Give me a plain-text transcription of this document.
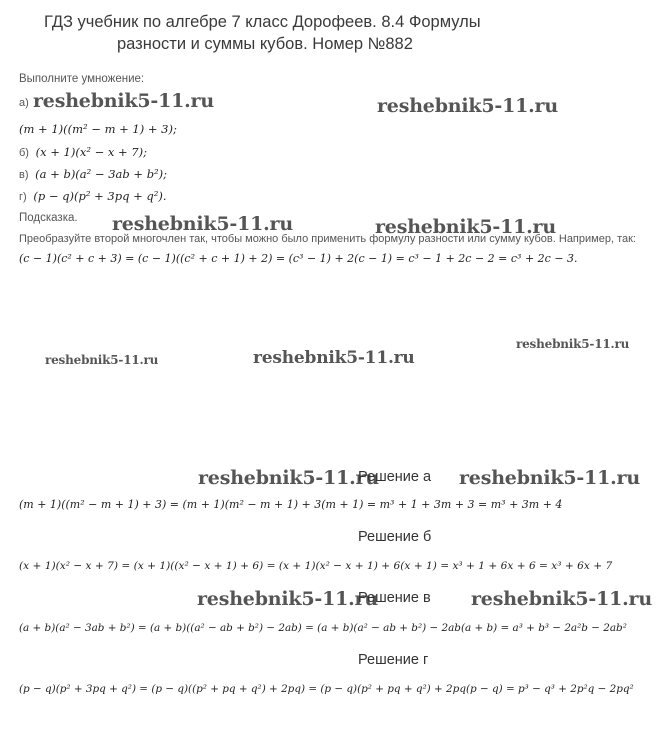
ГДЗ учебник по алгебре 7 класс Дорофеев. 8.4 Формулы
разности и суммы кубов. Номер №882
Выполните умножение:
а) reshebnik5-11.ru	reshebnik5-11.ru
(m + 1)((m² − m + 1) + 3);
б) (x + 1)(x² − x + 7);
в) (a + b)(a² − 3ab + b²);
г) (p − q)(p² + 3pq + q²).
Подсказка. reshebnik5-11.ru	reshebnik5-11.ru
Преобразуйте второй многочлен так, чтобы можно было применить формулу разности или сумму кубов. Например, так:
(c − 1)(c² + c + 3) = (c − 1)((c² + c + 1) + 2) = (c³ − 1) + 2(c − 1) = c³ − 1 + 2c − 2 = c³ + 2c − 3.
reshebnik5-11.ru
reshebnik5-11.ru	reshebnik5-11.ru
reshebnik5-11.ru
Решение а reshebnik5-11.ru
(m + 1)((m² − m + 1) + 3) = (m + 1)(m² − m + 1) + 3(m + 1) = m³ + 1 + 3m + 3 = m³ + 3m + 4
Решение б
(x + 1)(x² − x + 7) = (x + 1)((x² − x + 1) + 6) = (x + 1)(x² − x + 1) + 6(x + 1) = x³ + 1 + 6x + 6 = x³ + 6x + 7
reshebnik5-11.ru
Решение в reshebnik5-11.ru
(a + b)(a² − 3ab + b²) = (a + b)((a² − ab + b²) − 2ab) = (a + b)(a² − ab + b²) − 2ab(a + b) = a³ + b³ − 2a²b − 2ab²
Решение г
(p − q)(p² + 3pq + q²) = (p − q)((p² + pq + q²) + 2pq) = (p − q)(p² + pq + q²) + 2pq(p − q) = p³ − q³ + 2p²q − 2pq²
